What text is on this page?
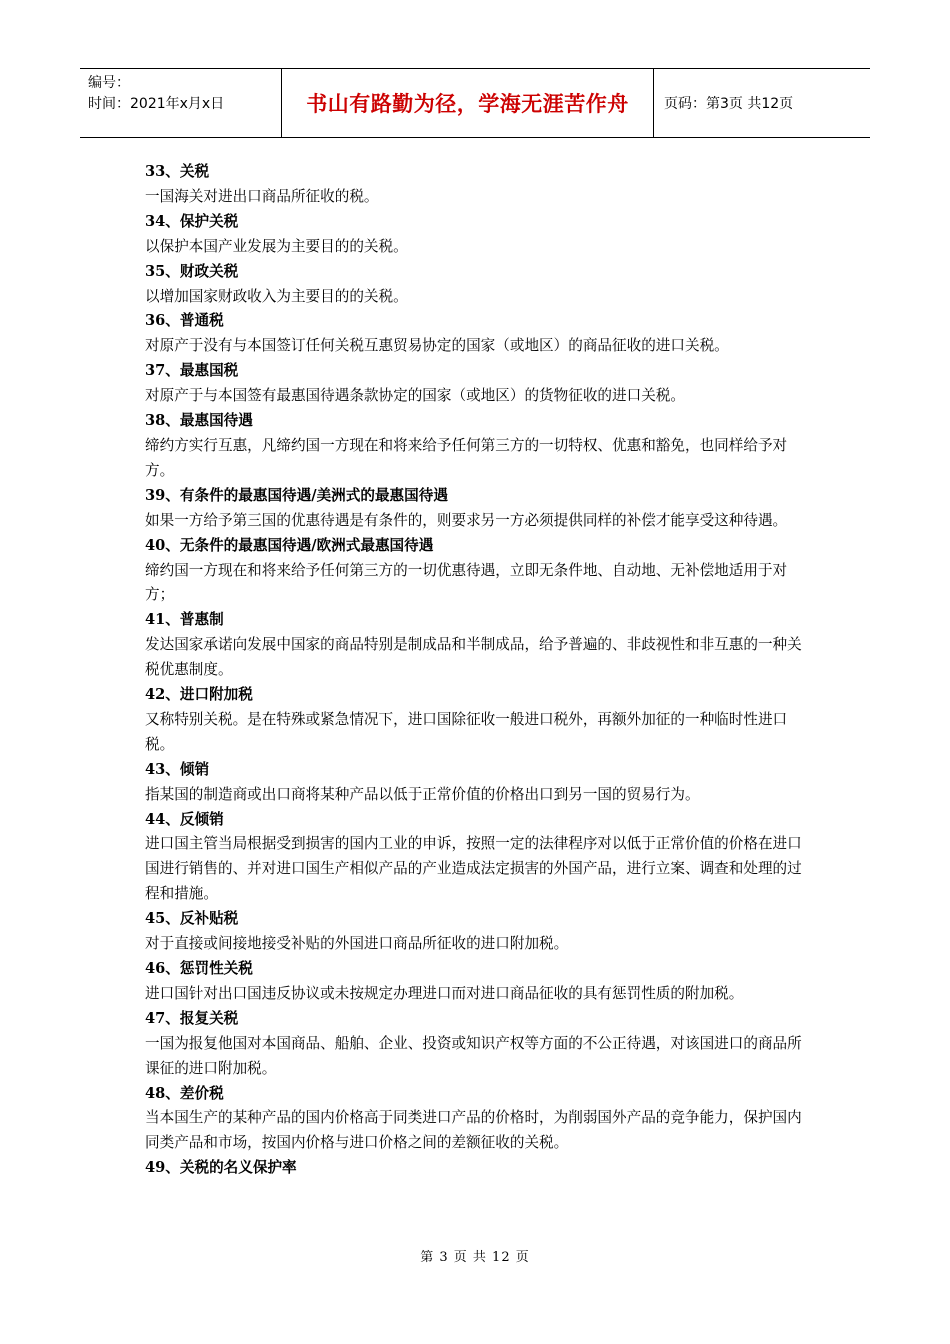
编号：
时间：2021年x月x日	书山有路勤为径，学海无涯苦作舟	页码：第3页 共12页
33、关税
一国海关对进出口商品所征收的税。
34、保护关税
以保护本国产业发展为主要目的的关税。
35、财政关税
以增加国家财政收入为主要目的的关税。
36、普通税
对原产于没有与本国签订任何关税互惠贸易协定的国家（或地区）的商品征收的进口关税。
37、最惠国税
对原产于与本国签有最惠国待遇条款协定的国家（或地区）的货物征收的进口关税。
38、最惠国待遇
缔约方实行互惠，凡缔约国一方现在和将来给予任何第三方的一切特权、优惠和豁免，也同样给予对方。
39、有条件的最惠国待遇/美洲式的最惠国待遇
如果一方给予第三国的优惠待遇是有条件的，则要求另一方必须提供同样的补偿才能享受这种待遇。
40、无条件的最惠国待遇/欧洲式最惠国待遇
缔约国一方现在和将来给予任何第三方的一切优惠待遇，立即无条件地、自动地、无补偿地适用于对方；
41、普惠制
发达国家承诺向发展中国家的商品特别是制成品和半制成品，给予普遍的、非歧视性和非互惠的一种关税优惠制度。
42、进口附加税
又称特别关税。是在特殊或紧急情况下，进口国除征收一般进口税外，再额外加征的一种临时性进口税。
43、倾销
指某国的制造商或出口商将某种产品以低于正常价值的价格出口到另一国的贸易行为。
44、反倾销
进口国主管当局根据受到损害的国内工业的申诉，按照一定的法律程序对以低于正常价值的价格在进口国进行销售的、并对进口国生产相似产品的产业造成法定损害的外国产品，进行立案、调查和处理的过程和措施。
45、反补贴税
对于直接或间接地接受补贴的外国进口商品所征收的进口附加税。
46、惩罚性关税
进口国针对出口国违反协议或未按规定办理进口而对进口商品征收的具有惩罚性质的附加税。
47、报复关税
一国为报复他国对本国商品、船舶、企业、投资或知识产权等方面的不公正待遇，对该国进口的商品所课征的进口附加税。
48、差价税
当本国生产的某种产品的国内价格高于同类进口产品的价格时，为削弱国外产品的竞争能力，保护国内同类产品和市场，按国内价格与进口价格之间的差额征收的关税。
49、关税的名义保护率
第 3 页 共 12 页
